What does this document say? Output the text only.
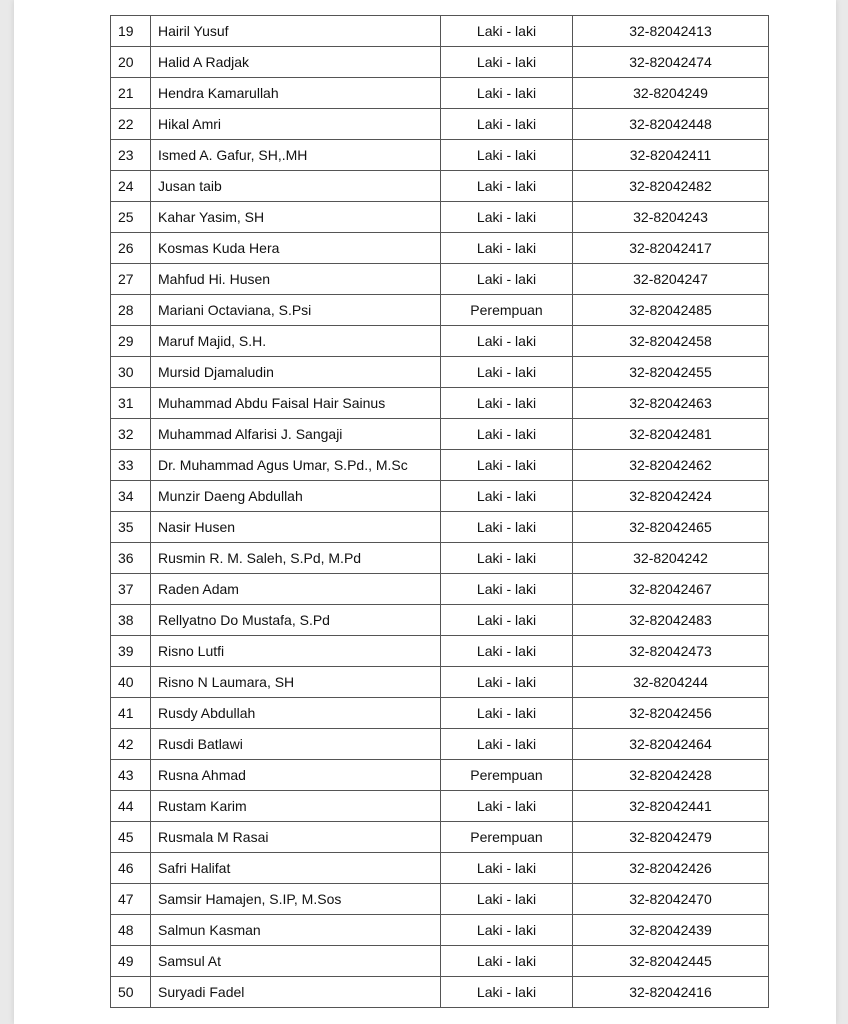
19	Hairil Yusuf	Laki - laki	32-82042413
20	Halid A Radjak	Laki - laki	32-82042474
21	Hendra Kamarullah	Laki - laki	32-8204249
22	Hikal Amri	Laki - laki	32-82042448
23	Ismed A. Gafur, SH,.MH	Laki - laki	32-82042411
24	Jusan taib	Laki - laki	32-82042482
25	Kahar Yasim, SH	Laki - laki	32-8204243
26	Kosmas Kuda Hera	Laki - laki	32-82042417
27	Mahfud Hi. Husen	Laki - laki	32-8204247
28	Mariani Octaviana, S.Psi	Perempuan	32-82042485
29	Maruf Majid, S.H.	Laki - laki	32-82042458
30	Mursid Djamaludin	Laki - laki	32-82042455
31	Muhammad Abdu Faisal Hair Sainus	Laki - laki	32-82042463
32	Muhammad Alfarisi J. Sangaji	Laki - laki	32-82042481
33	Dr. Muhammad Agus Umar, S.Pd., M.Sc	Laki - laki	32-82042462
34	Munzir Daeng Abdullah	Laki - laki	32-82042424
35	Nasir Husen	Laki - laki	32-82042465
36	Rusmin R. M. Saleh, S.Pd, M.Pd	Laki - laki	32-8204242
37	Raden Adam	Laki - laki	32-82042467
38	Rellyatno Do Mustafa, S.Pd	Laki - laki	32-82042483
39	Risno Lutfi	Laki - laki	32-82042473
40	Risno N Laumara, SH	Laki - laki	32-8204244
41	Rusdy Abdullah	Laki - laki	32-82042456
42	Rusdi Batlawi	Laki - laki	32-82042464
43	Rusna Ahmad	Perempuan	32-82042428
44	Rustam Karim	Laki - laki	32-82042441
45	Rusmala M Rasai	Perempuan	32-82042479
46	Safri Halifat	Laki - laki	32-82042426
47	Samsir Hamajen, S.IP, M.Sos	Laki - laki	32-82042470
48	Salmun Kasman	Laki - laki	32-82042439
49	Samsul At	Laki - laki	32-82042445
50	Suryadi Fadel	Laki - laki	32-82042416
